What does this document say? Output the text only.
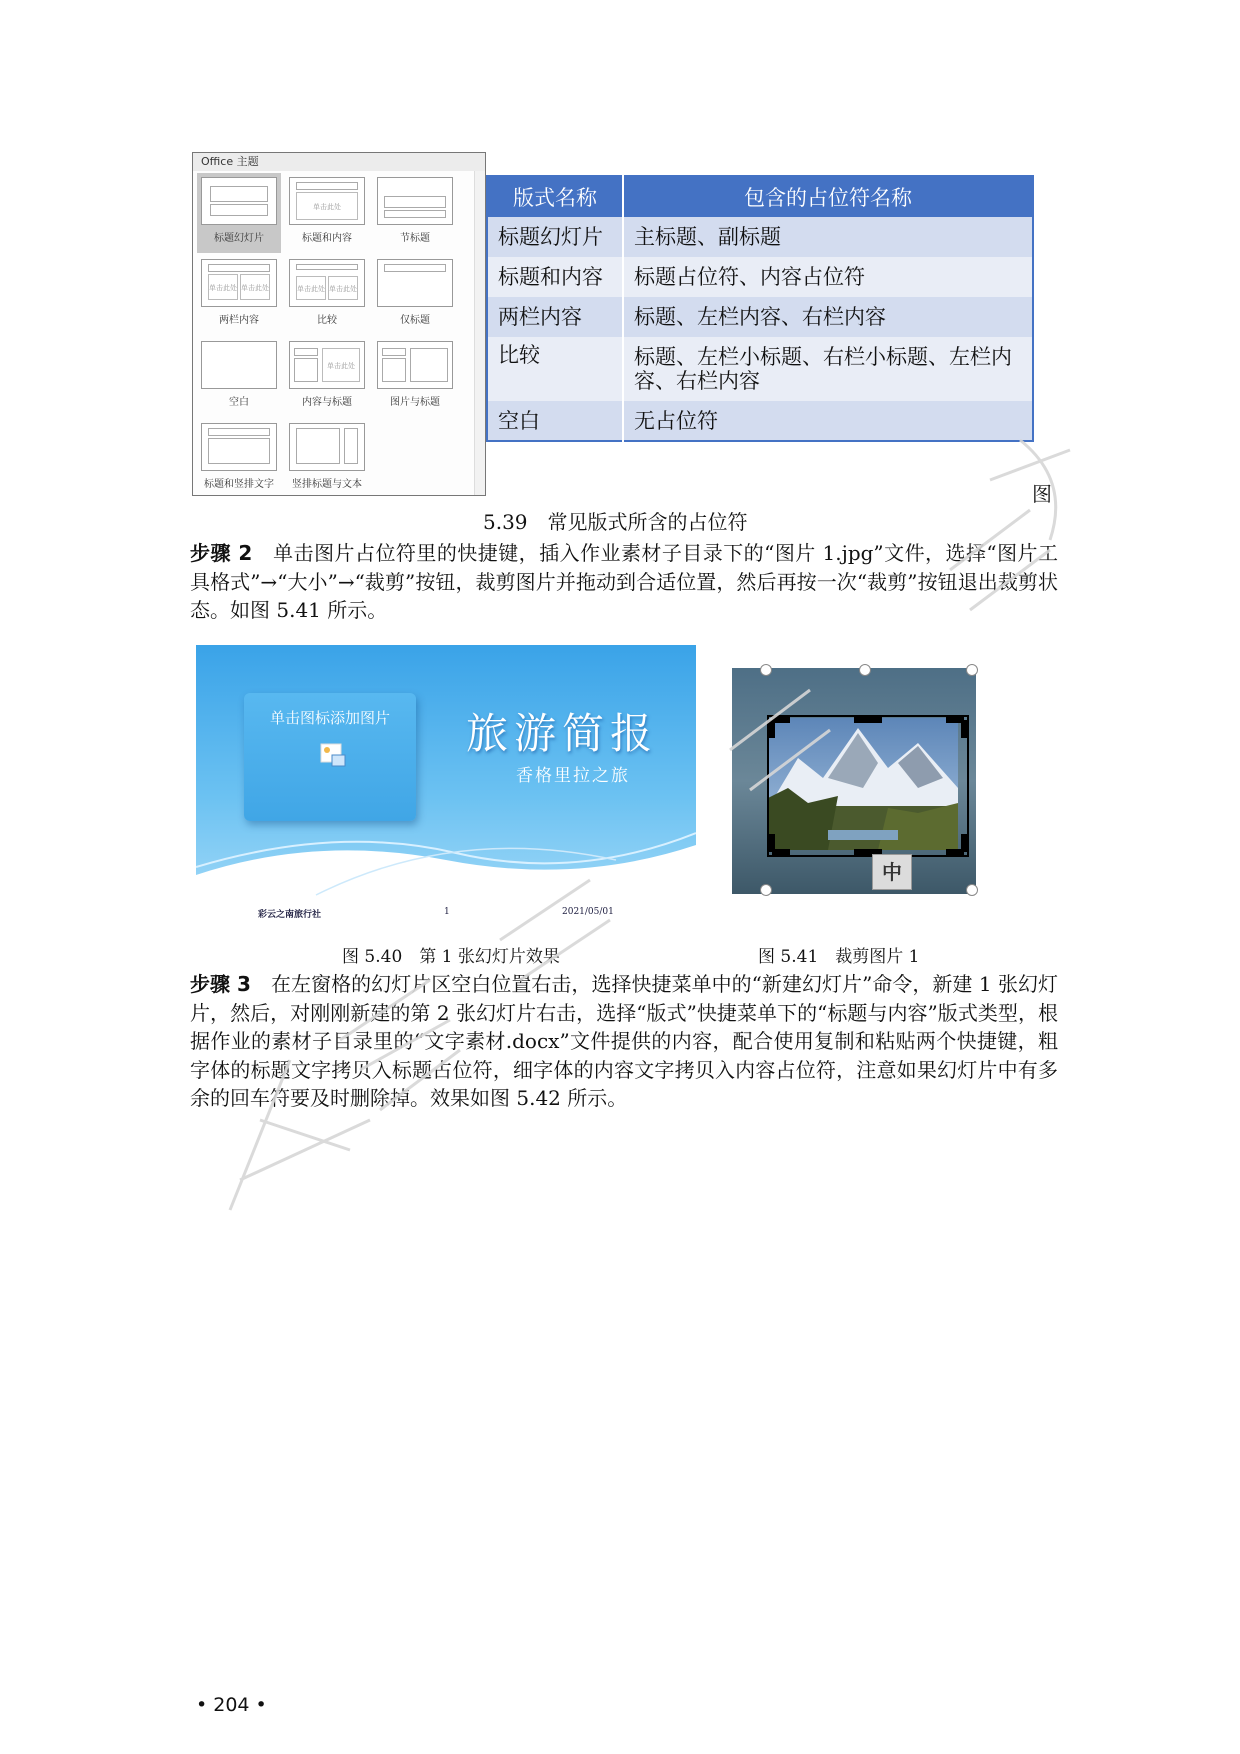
Office 主题
标题幻灯片
单击此处
标题和内容	节标题
单击此处 单击此处
两栏内容
单击此处 单击此处
比较	仅标题
空白
单击此处
内容与标题	图片与标题
标题和竖排文字	竖排标题与文本
版式名称	包含的占位符名称
标题幻灯片	主标题、副标题
标题和内容	标题占位符、内容占位符
两栏内容	标题、左栏内容、右栏内容
比较	标题、左栏小标题、右栏小标题、左栏内容、右栏内容
空白	无占位符
图
5.39　常见版式所含的占位符
步骤 2　 单击图片占位符里的快捷键，插入作业素材子目录下的“图片 1.jpg”文件，选择“图片工具格式”→“大小”→“裁剪”按钮，裁剪图片并拖动到合适位置，然后再按一次“裁剪”按钮退出裁剪状态。如图 5.41 所示。
单击图标添加图片	旅游简报
香格里拉之旅
彩云之南旅行社	1	2021/05/01
中
图 5.40　第 1 张幻灯片效果	图 5.41　裁剪图片 1
步骤 3　 在左窗格的幻灯片区空白位置右击，选择快捷菜单中的“新建幻灯片”命令，新建 1 张幻灯片，然后，对刚刚新建的第 2 张幻灯片右击，选择“版式”快捷菜单下的“标题与内容”版式类型，根据作业的素材子目录里的“文字素材.docx”文件提供的内容，配合使用复制和粘贴两个快捷键，粗字体的标题文字拷贝入标题占位符，细字体的内容文字拷贝入内容占位符，注意如果幻灯片中有多余的回车符要及时删除掉。效果如图 5.42 所示。
• 204 •
